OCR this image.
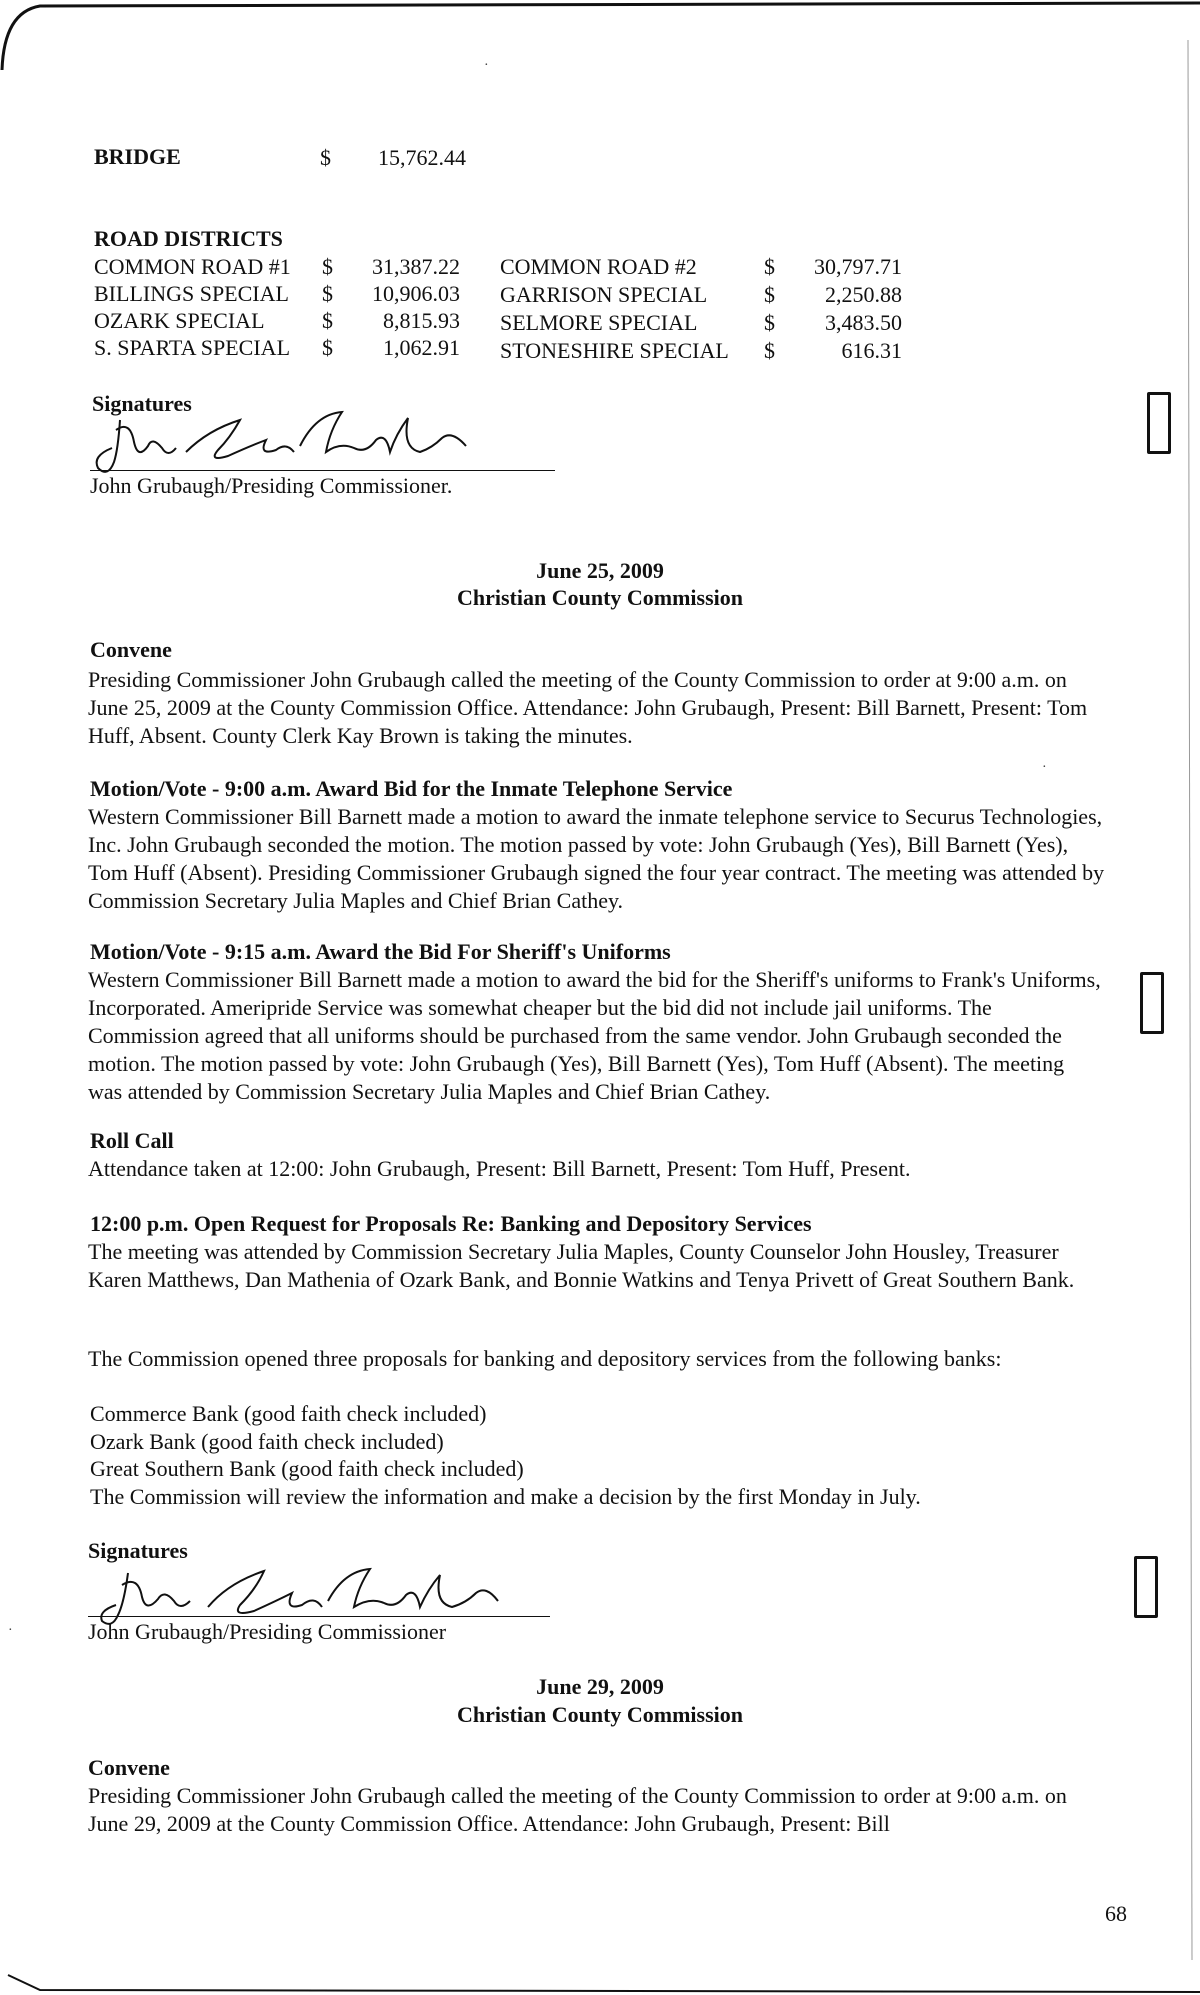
BRIDGE	$ 15,762.44
ROAD DISTRICTS
COMMON ROAD #1 $	31,387.22 COMMON ROAD #2	$	30,797.71
BILLINGS SPECIAL $	10,906.03 GARRISON SPECIAL	$	2,250.88
OZARK SPECIAL	$	8,815.93 SELMORE SPECIAL	$	3,483.50
S. SPARTA SPECIAL $	1,062.91 STONESHIRE SPECIAL $	616.31
Signatures
John Grubaugh/Presiding Commissioner.
June 25, 2009
Christian County Commission
Convene
Presiding Commissioner John Grubaugh called the meeting of the County Commission to order at 9:00 a.m. on June 25, 2009 at the County Commission Office. Attendance: John Grubaugh, Present: Bill Barnett, Present: Tom Huff, Absent. County Clerk Kay Brown is taking the minutes.
Motion/Vote - 9:00 a.m. Award Bid for the Inmate Telephone Service
Western Commissioner Bill Barnett made a motion to award the inmate telephone service to Securus Technologies, Inc. John Grubaugh seconded the motion. The motion passed by vote: John Grubaugh (Yes), Bill Barnett (Yes), Tom Huff (Absent). Presiding Commissioner Grubaugh signed the four year contract. The meeting was attended by Commission Secretary Julia Maples and Chief Brian Cathey.
Motion/Vote - 9:15 a.m. Award the Bid For Sheriff's Uniforms
Western Commissioner Bill Barnett made a motion to award the bid for the Sheriff's uniforms to Frank's Uniforms, Incorporated. Ameripride Service was somewhat cheaper but the bid did not include jail uniforms. The Commission agreed that all uniforms should be purchased from the same vendor. John Grubaugh seconded the motion. The motion passed by vote: John Grubaugh (Yes), Bill Barnett (Yes), Tom Huff (Absent). The meeting was attended by Commission Secretary Julia Maples and Chief Brian Cathey.
Roll Call
Attendance taken at 12:00: John Grubaugh, Present: Bill Barnett, Present: Tom Huff, Present.
12:00 p.m. Open Request for Proposals Re: Banking and Depository Services
The meeting was attended by Commission Secretary Julia Maples, County Counselor John Housley, Treasurer Karen Matthews, Dan Mathenia of Ozark Bank, and Bonnie Watkins and Tenya Privett of Great Southern Bank.
The Commission opened three proposals for banking and depository services from the following banks:
Commerce Bank (good faith check included)
Ozark Bank (good faith check included)
Great Southern Bank (good faith check included)
The Commission will review the information and make a decision by the first Monday in July.
Signatures
John Grubaugh/Presiding Commissioner
June 29, 2009
Christian County Commission
Convene
Presiding Commissioner John Grubaugh called the meeting of the County Commission to order at 9:00 a.m. on June 29, 2009 at the County Commission Office. Attendance: John Grubaugh, Present: Bill
68
·
·
·
